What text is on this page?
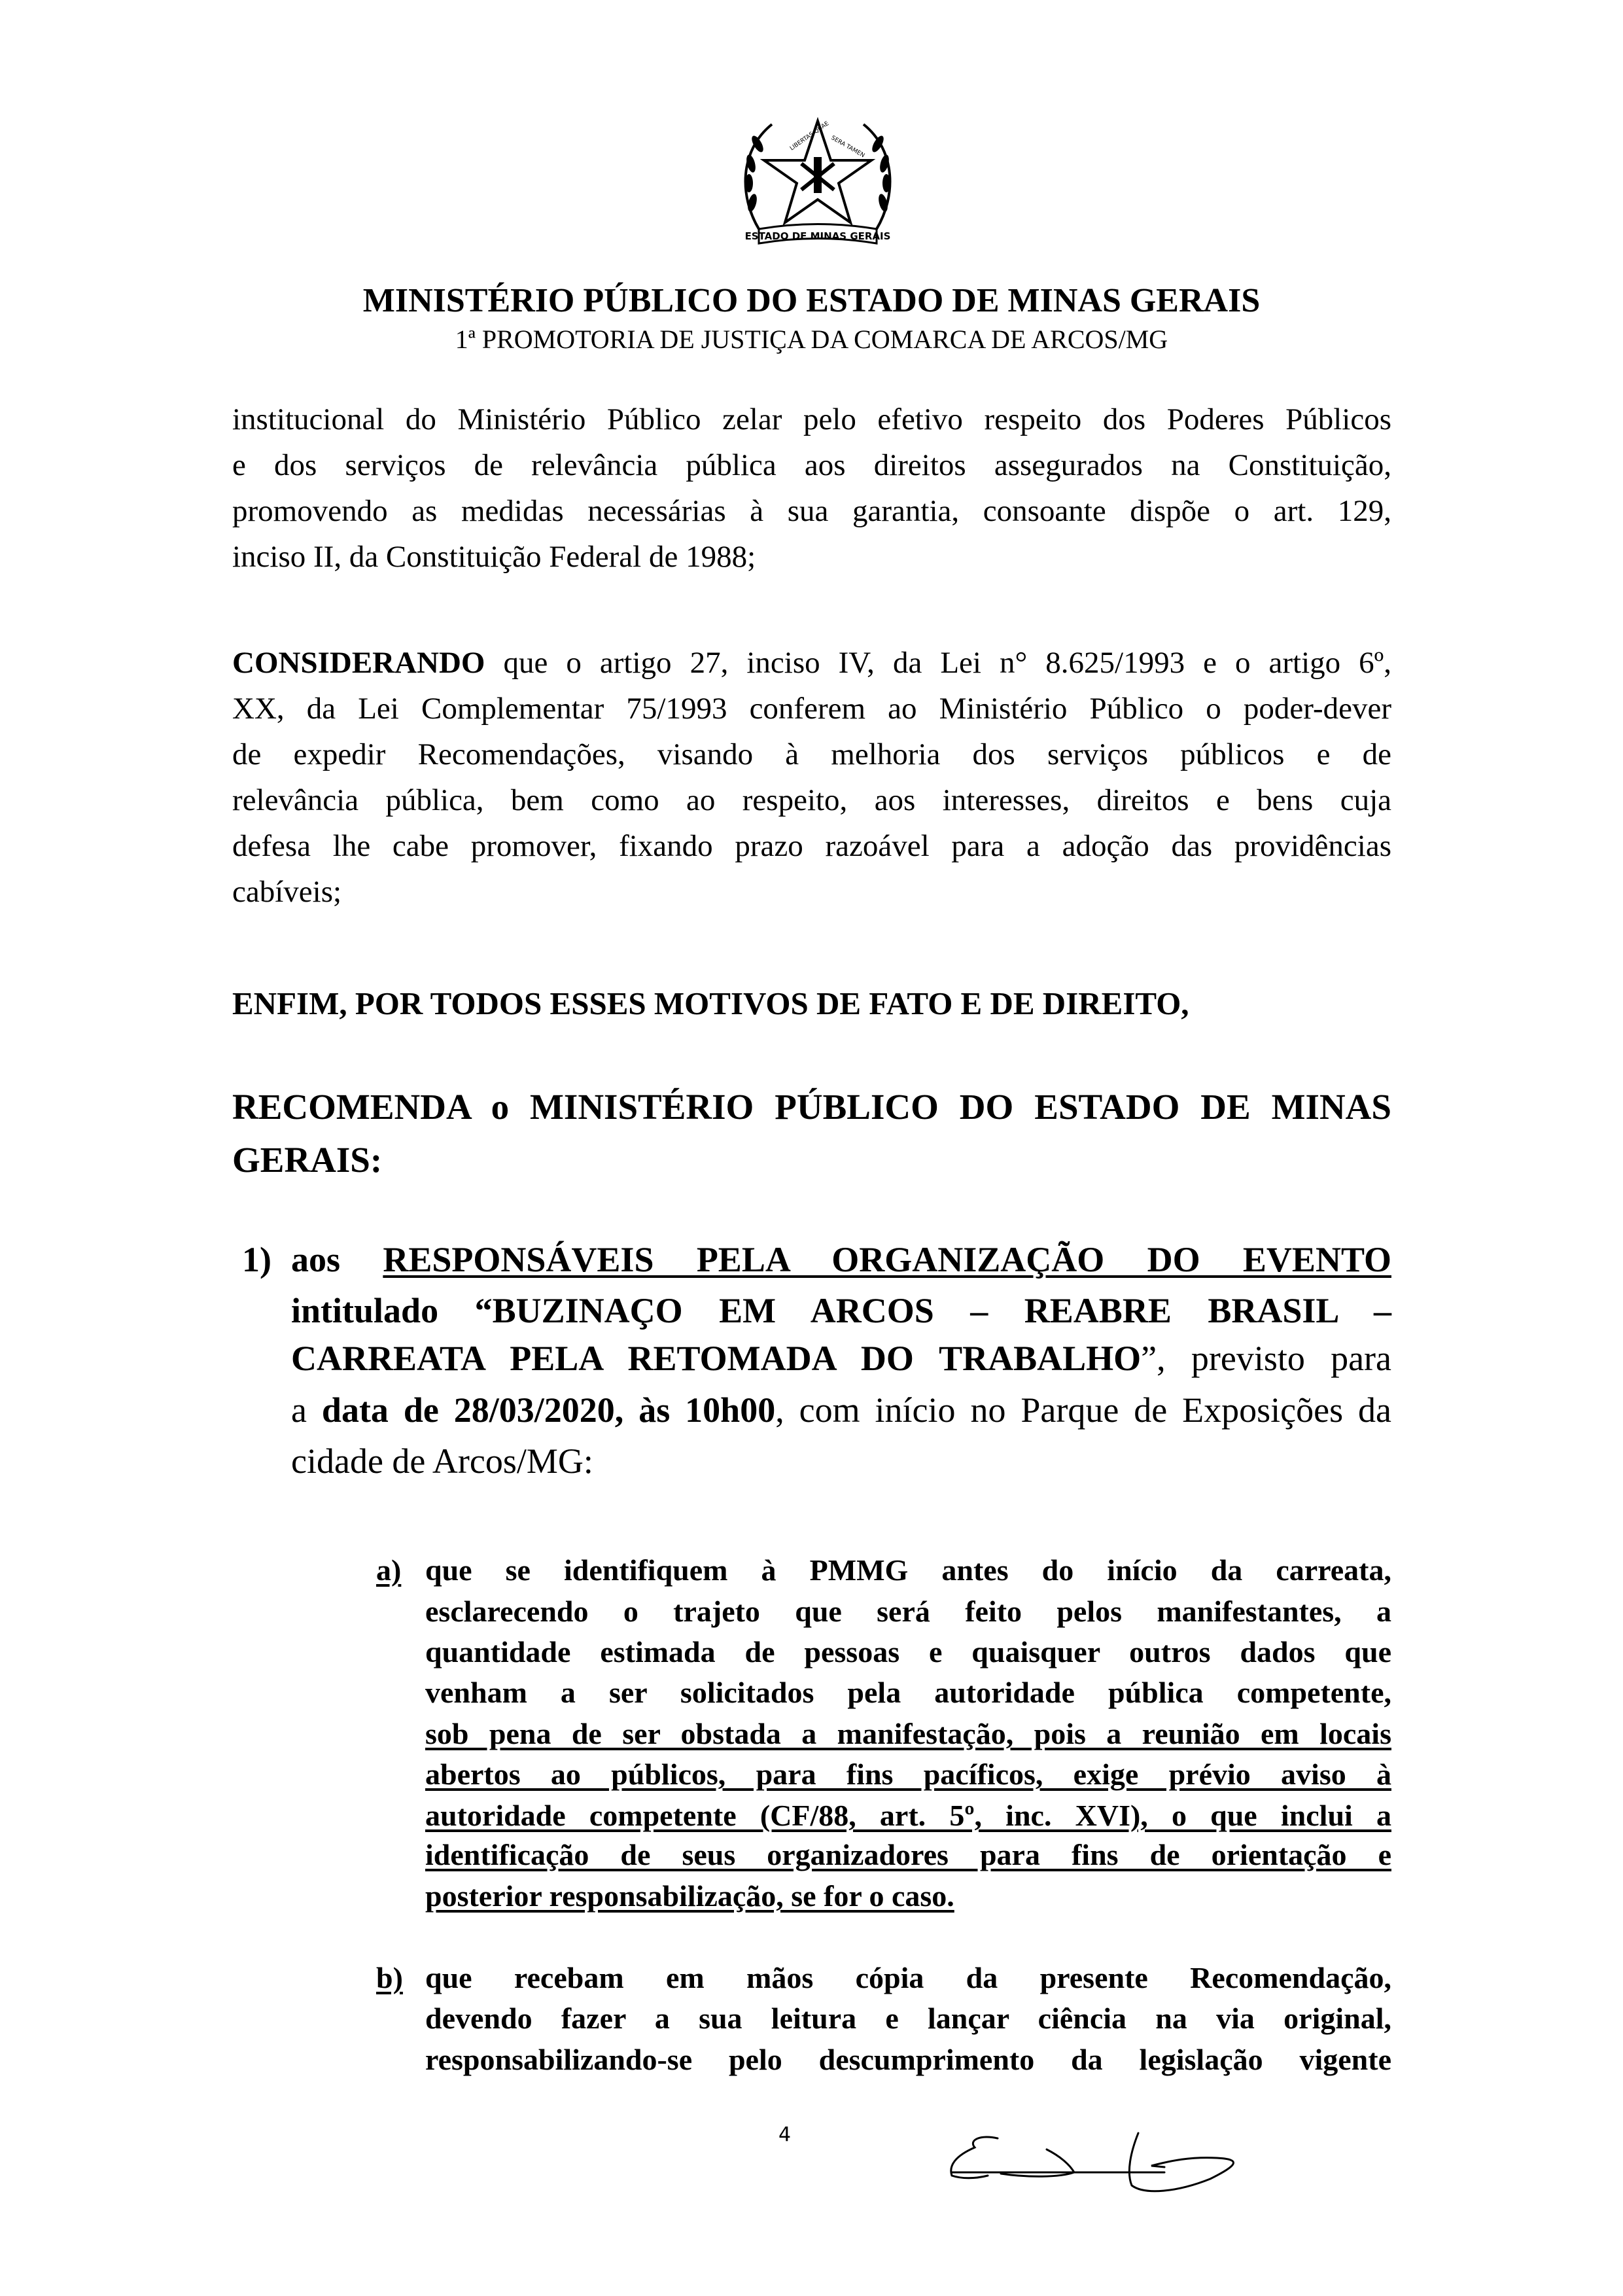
ESTADO DE MINAS GERAIS
LIBERTAS QUAE SERA TAMEN
MINISTÉRIO PÚBLICO DO ESTADO DE MINAS GERAIS
1ª PROMOTORIA DE JUSTIÇA DA COMARCA DE ARCOS/MG
institucional do Ministério Público zelar pelo efetivo respeito dos Poderes Públicos
e dos serviços de relevância pública aos direitos assegurados na Constituição,
promovendo as medidas necessárias à sua garantia, consoante dispõe o art. 129,
inciso II, da Constituição Federal de 1988;
CONSIDERANDO que o artigo 27, inciso IV, da Lei n° 8.625/1993 e o artigo 6º,
XX, da Lei Complementar 75/1993 conferem ao Ministério Público o poder-dever
de expedir Recomendações, visando à melhoria dos serviços públicos e de
relevância pública, bem como ao respeito, aos interesses, direitos e bens cuja
defesa lhe cabe promover, fixando prazo razoável para a adoção das providências
cabíveis;
ENFIM, POR TODOS ESSES MOTIVOS DE FATO E DE DIREITO,
RECOMENDA o MINISTÉRIO PÚBLICO DO ESTADO DE MINAS
GERAIS:
1) aos RESPONSÁVEIS PELA ORGANIZAÇÃO DO EVENTO
intitulado “BUZINAÇO EM ARCOS – REABRE BRASIL –
CARREATA PELA RETOMADA DO TRABALHO”, previsto para
a data de 28/03/2020, às 10h00, com início no Parque de Exposições da
cidade de Arcos/MG:
a) que se identifiquem à PMMG antes do início da carreata,
esclarecendo o trajeto que será feito pelos manifestantes, a
quantidade estimada de pessoas e quaisquer outros dados que
venham a ser solicitados pela autoridade pública competente,
sob pena de ser obstada a manifestação, pois a reunião em locais
abertos ao públicos, para fins pacíficos, exige prévio aviso à
autoridade competente (CF/88, art. 5º, inc. XVI), o que inclui a
identificação de seus organizadores para fins de orientação e
posterior responsabilização, se for o caso.
b) que recebam em mãos cópia da presente Recomendação,
devendo fazer a sua leitura e lançar ciência na via original,
responsabilizando-se pelo descumprimento da legislação vigente
4
